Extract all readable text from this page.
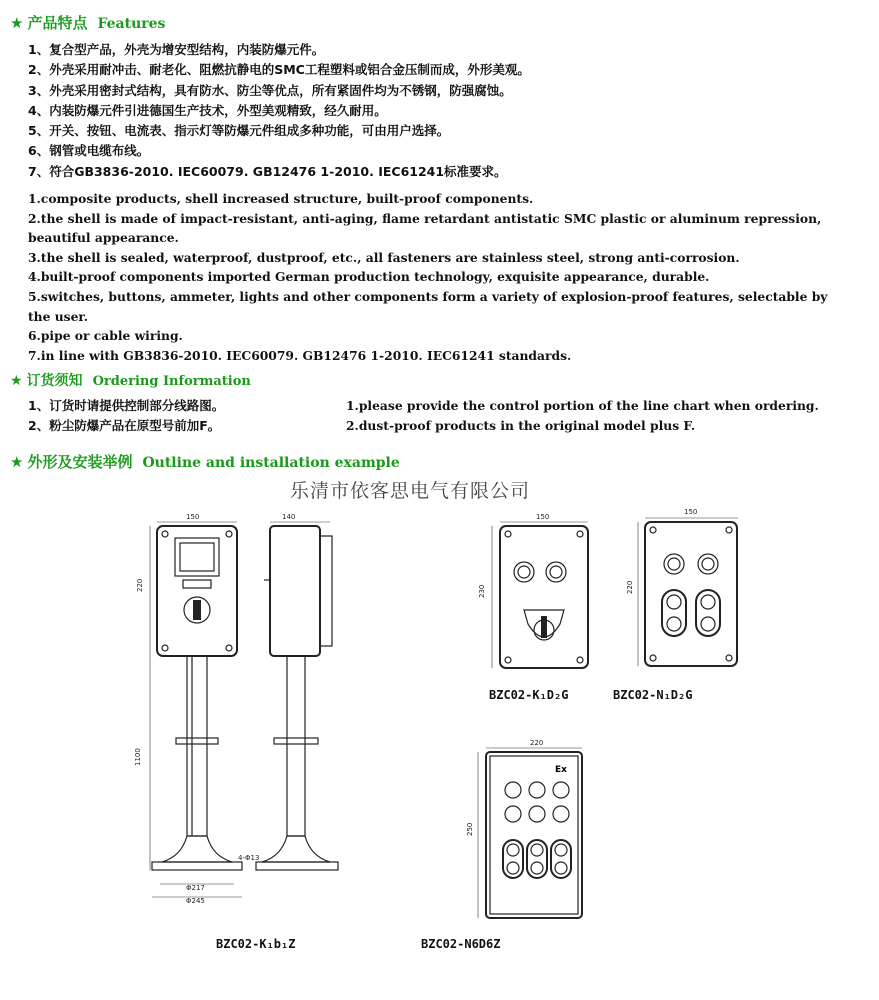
★ 产品特点 Features
1、复合型产品，外壳为增安型结构，内装防爆元件。
2、外壳采用耐冲击、耐老化、阻燃抗静电的SMC工程塑料或铝合金压制而成，外形美观。
3、外壳采用密封式结构，具有防水、防尘等优点，所有紧固件均为不锈钢，防强腐蚀。
4、内装防爆元件引进德国生产技术，外型美观精致，经久耐用。
5、开关、按钮、电流表、指示灯等防爆元件组成多种功能，可由用户选择。
6、钢管或电缆布线。
7、符合GB3836-2010. IEC60079. GB12476 1-2010. IEC61241标准要求。
1.composite products, shell increased structure, built-proof components.
2.the shell is made of impact-resistant, anti-aging, flame retardant antistatic SMC plastic or aluminum repression, beautiful appearance.
3.the shell is sealed, waterproof, dustproof, etc., all fasteners are stainless steel, strong anti-corrosion.
4.built-proof components imported German production technology, exquisite appearance, durable.
5.switches, buttons, ammeter, lights and other components form a variety of explosion-proof features, selectable by the user.
6.pipe or cable wiring.
7.in line with GB3836-2010. IEC60079. GB12476 1-2010. IEC61241 standards.
★ 订货须知 Ordering Information
1、订货时请提供控制部分线路图。
2、粉尘防爆产品在原型号前加F。
1.please provide the control portion of the line chart when ordering.
2.dust-proof products in the original model plus F.
★ 外形及安装举例 Outline and installation example
乐清市依客思电气有限公司
150
220
1100
Φ217
Φ245
140
4-Φ13
150
230
150
220
220
Ex
250
BZC02-K₁b₁Z
BZC02-K₁D₂G	BZC02-N₁D₂G
BZC02-N6D6Z
